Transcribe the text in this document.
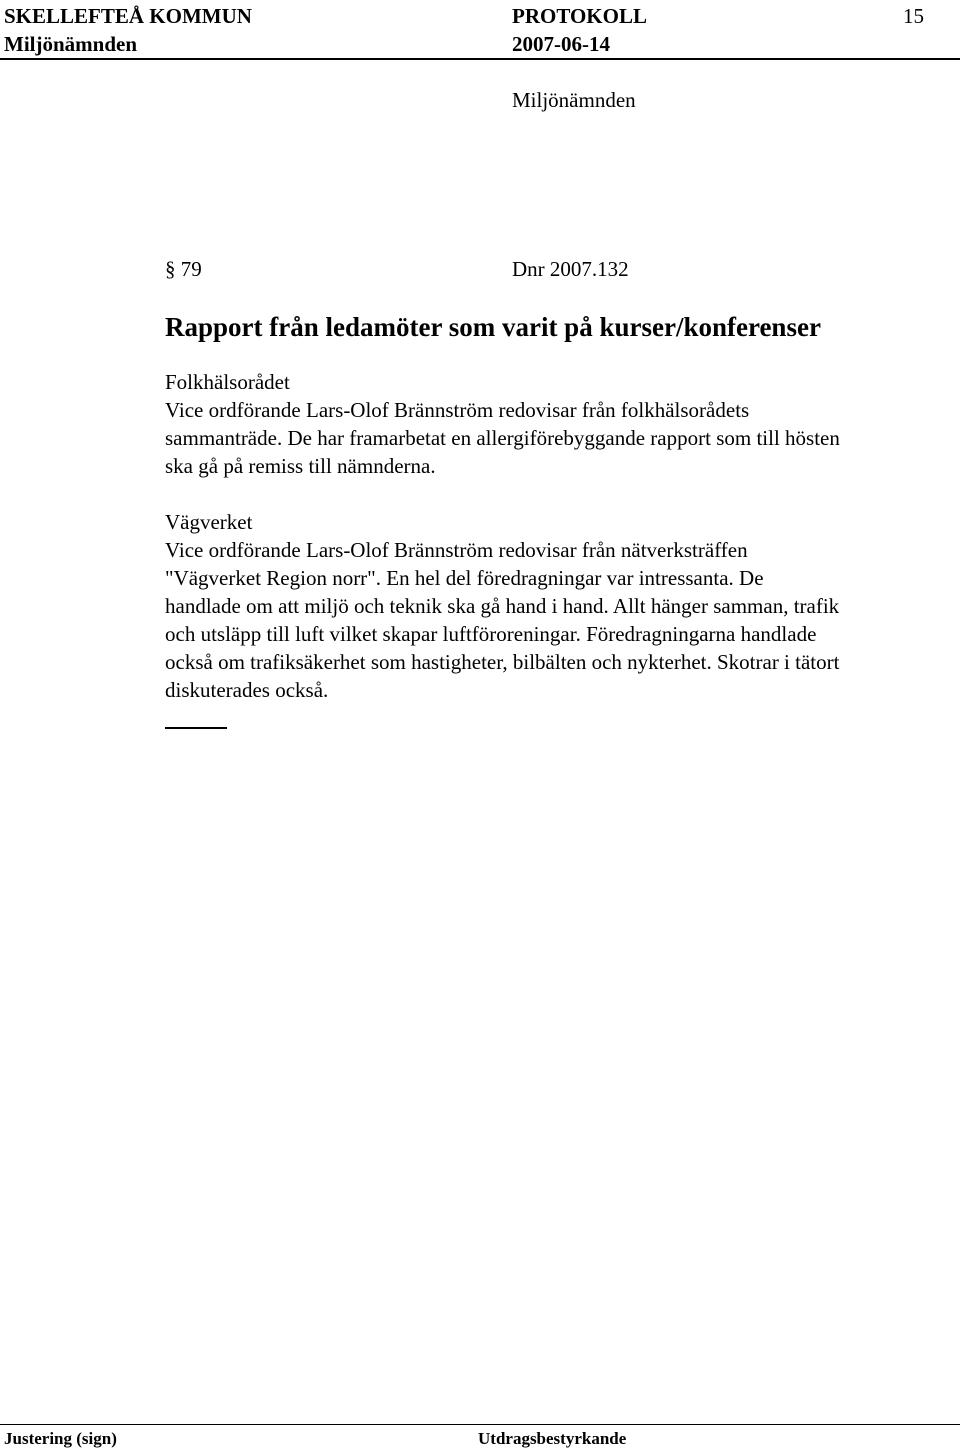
SKELLEFTEÅ KOMMUN	PROTOKOLL	15
Miljönämnden	2007-06-14
Miljönämnden
§ 79	Dnr 2007.132
Rapport från ledamöter som varit på kurser/konferenser
Folkhälsorådet
Vice ordförande Lars-Olof Brännström redovisar från folkhälsorådets
sammanträde. De har framarbetat en allergiförebyggande rapport som till hösten
ska gå på remiss till nämnderna.
Vägverket
Vice ordförande Lars-Olof Brännström redovisar från nätverksträffen
"Vägverket Region norr". En hel del föredragningar var intressanta. De
handlade om att miljö och teknik ska gå hand i hand. Allt hänger samman, trafik
och utsläpp till luft vilket skapar luftföroreningar. Föredragningarna handlade
också om trafiksäkerhet som hastigheter, bilbälten och nykterhet. Skotrar i tätort
diskuterades också.
Justering (sign)	Utdragsbestyrkande
